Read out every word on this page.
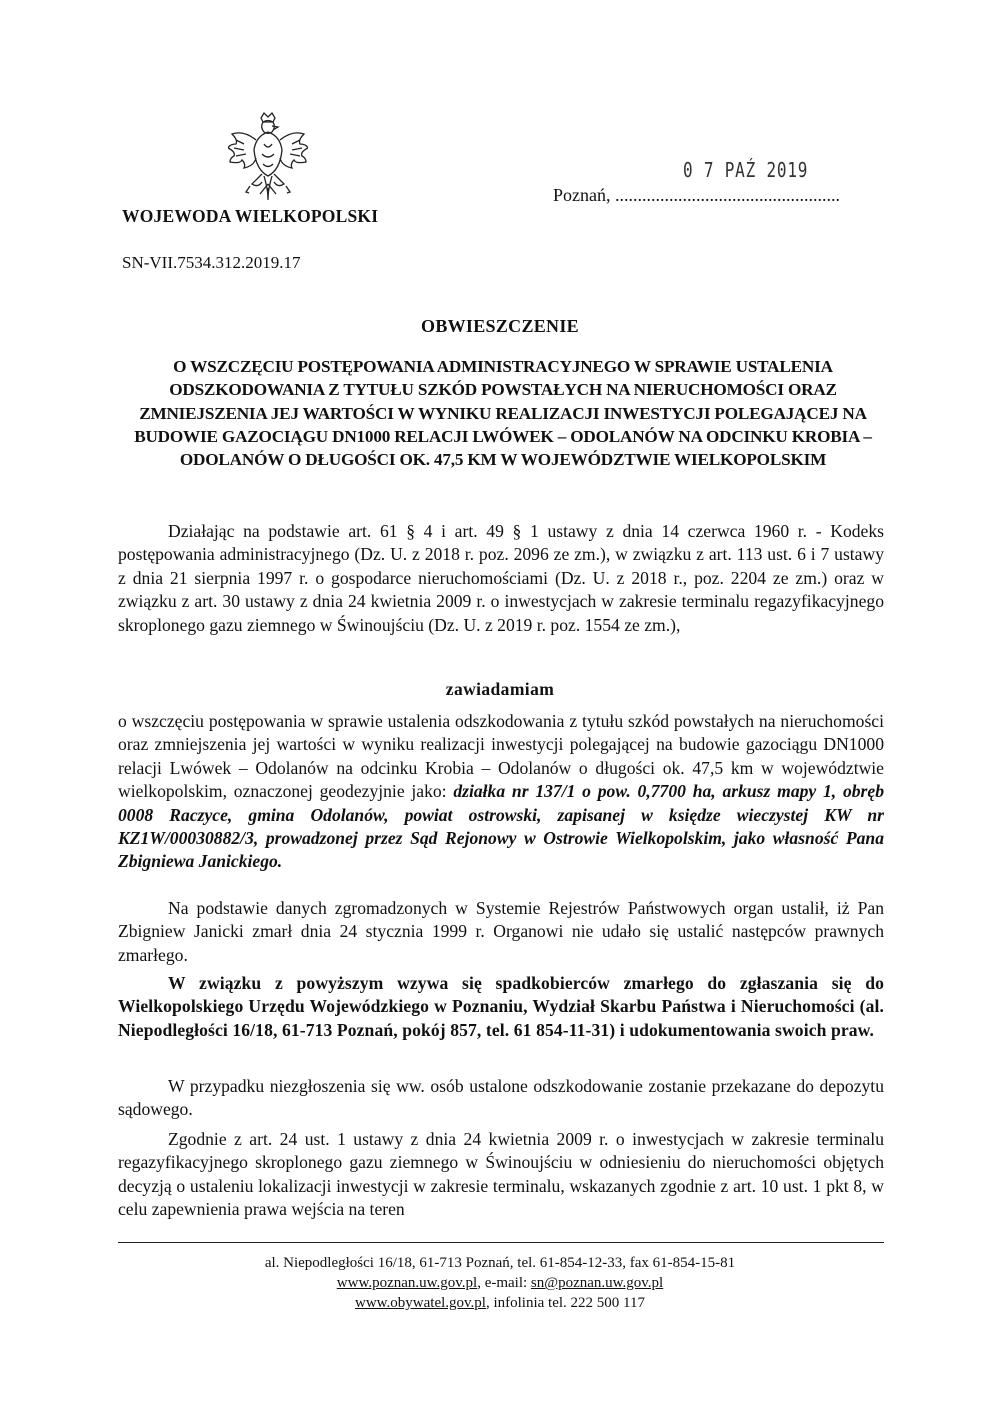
WOJEWODA WIELKOPOLSKI
SN-VII.7534.312.2019.17
0 7 PAŹ 2019
Poznań, ..................................................
OBWIESZCZENIE
O WSZCZĘCIU POSTĘPOWANIA ADMINISTRACYJNEGO W SPRAWIE USTALENIA ODSZKODOWANIA Z TYTUŁU SZKÓD POWSTAŁYCH NA NIERUCHOMOŚCI ORAZ ZMNIEJSZENIA JEJ WARTOŚCI W WYNIKU REALIZACJI INWESTYCJI POLEGAJĄCEJ NA BUDOWIE GAZOCIĄGU DN1000 RELACJI LWÓWEK – ODOLANÓW NA ODCINKU KROBIA – ODOLANÓW O DŁUGOŚCI OK. 47,5 KM W WOJEWÓDZTWIE WIELKOPOLSKIM
Działając na podstawie art. 61 § 4 i art. 49 § 1 ustawy z dnia 14 czerwca 1960 r. - Kodeks postępowania administracyjnego (Dz. U. z 2018 r. poz. 2096 ze zm.), w związku z art. 113 ust. 6 i 7 ustawy z dnia 21 sierpnia 1997 r. o gospodarce nieruchomościami (Dz. U. z 2018 r., poz. 2204 ze zm.) oraz w związku z art. 30 ustawy z dnia 24 kwietnia 2009 r. o inwestycjach w zakresie terminalu regazyfikacyjnego skroplonego gazu ziemnego w Świnoujściu (Dz. U. z 2019 r. poz. 1554 ze zm.),
zawiadamiam
o wszczęciu postępowania w sprawie ustalenia odszkodowania z tytułu szkód powstałych na nieruchomości oraz zmniejszenia jej wartości w wyniku realizacji inwestycji polegającej na budowie gazociągu DN1000 relacji Lwówek – Odolanów na odcinku Krobia – Odolanów o długości ok. 47,5 km w województwie wielkopolskim, oznaczonej geodezyjnie jako: działka nr 137/1 o pow. 0,7700 ha, arkusz mapy 1, obręb 0008 Raczyce, gmina Odolanów, powiat ostrowski, zapisanej w księdze wieczystej KW nr KZ1W/00030882/3, prowadzonej przez Sąd Rejonowy w Ostrowie Wielkopolskim, jako własność Pana Zbigniewa Janickiego.
Na podstawie danych zgromadzonych w Systemie Rejestrów Państwowych organ ustalił, iż Pan Zbigniew Janicki zmarł dnia 24 stycznia 1999 r. Organowi nie udało się ustalić następców prawnych zmarłego.
W związku z powyższym wzywa się spadkobierców zmarłego do zgłaszania się do Wielkopolskiego Urzędu Wojewódzkiego w Poznaniu, Wydział Skarbu Państwa i Nieruchomości (al. Niepodległości 16/18, 61-713 Poznań, pokój 857, tel. 61 854-11-31) i udokumentowania swoich praw.
W przypadku niezgłoszenia się ww. osób ustalone odszkodowanie zostanie przekazane do depozytu sądowego.
Zgodnie z art. 24 ust. 1 ustawy z dnia 24 kwietnia 2009 r. o inwestycjach w zakresie terminalu regazyfikacyjnego skroplonego gazu ziemnego w Świnoujściu w odniesieniu do nieruchomości objętych decyzją o ustaleniu lokalizacji inwestycji w zakresie terminalu, wskazanych zgodnie z art. 10 ust. 1 pkt 8, w celu zapewnienia prawa wejścia na teren
al. Niepodległości 16/18, 61-713 Poznań, tel. 61-854-12-33, fax 61-854-15-81
www.poznan.uw.gov.pl, e-mail: sn@poznan.uw.gov.pl
www.obywatel.gov.pl, infolinia tel. 222 500 117
